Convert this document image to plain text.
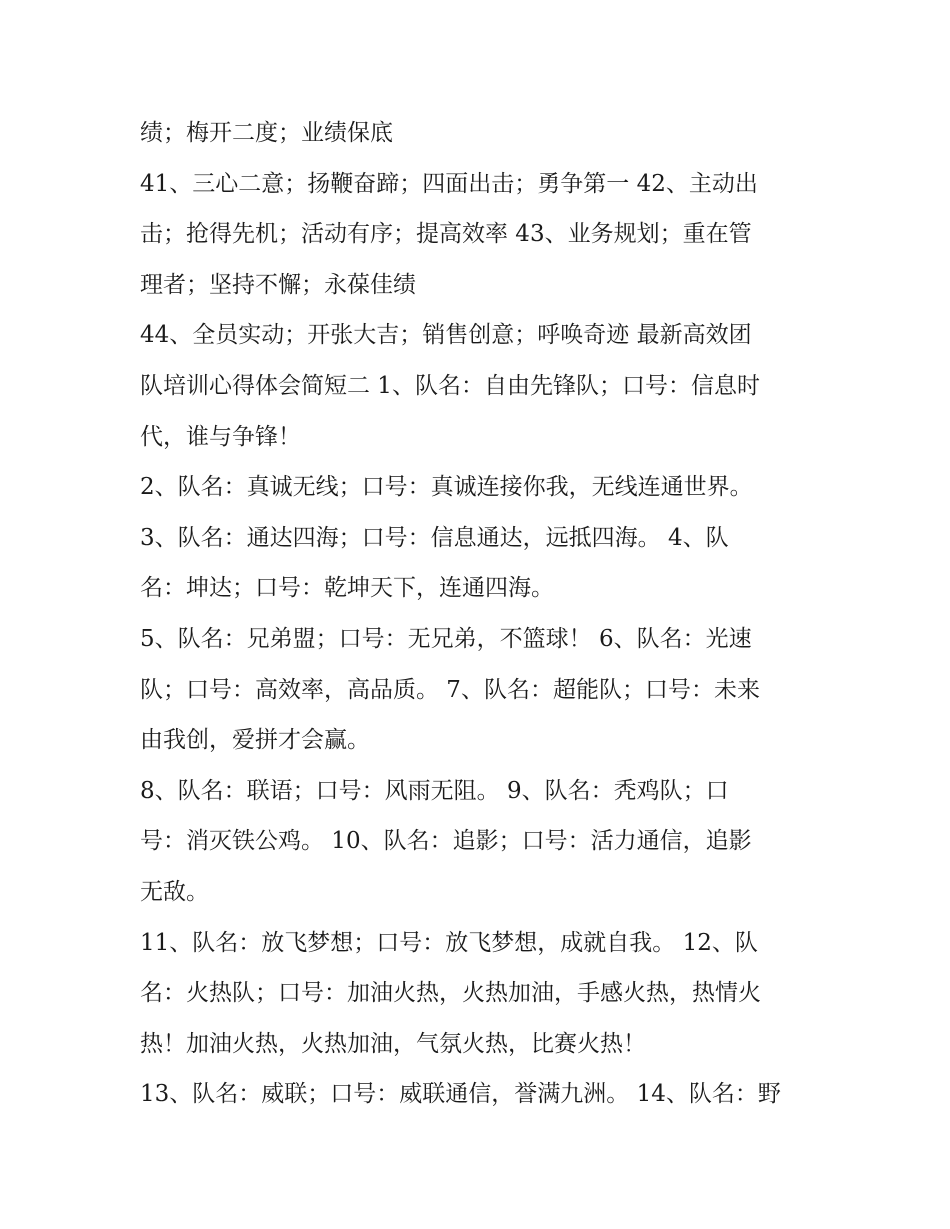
绩；梅开二度；业绩保底
41、三心二意；扬鞭奋蹄；四面出击；勇争第一 42、主动出
击；抢得先机；活动有序；提高效率 43、业务规划；重在管
理者；坚持不懈；永葆佳绩
44、全员实动；开张大吉；销售创意；呼唤奇迹 最新高效团
队培训心得体会简短二 1、队名：自由先锋队；口号：信息时
代，谁与争锋！
2、队名：真诚无线；口号：真诚连接你我，无线连通世界。
3、队名：通达四海；口号：信息通达，远抵四海。 4、队
名：坤达；口号：乾坤天下，连通四海。
5、队名：兄弟盟；口号：无兄弟，不篮球！ 6、队名：光速
队；口号：高效率，高品质。 7、队名：超能队；口号：未来
由我创，爱拼才会赢。
8、队名：联语；口号：风雨无阻。 9、队名：秃鸡队；口
号：消灭铁公鸡。 10、队名：追影；口号：活力通信，追影
无敌。
11、队名：放飞梦想；口号：放飞梦想，成就自我。 12、队
名：火热队；口号：加油火热，火热加油，手感火热，热情火
热！加油火热，火热加油，气氛火热，比赛火热！
13、队名：威联；口号：威联通信，誉满九洲。 14、队名：野
